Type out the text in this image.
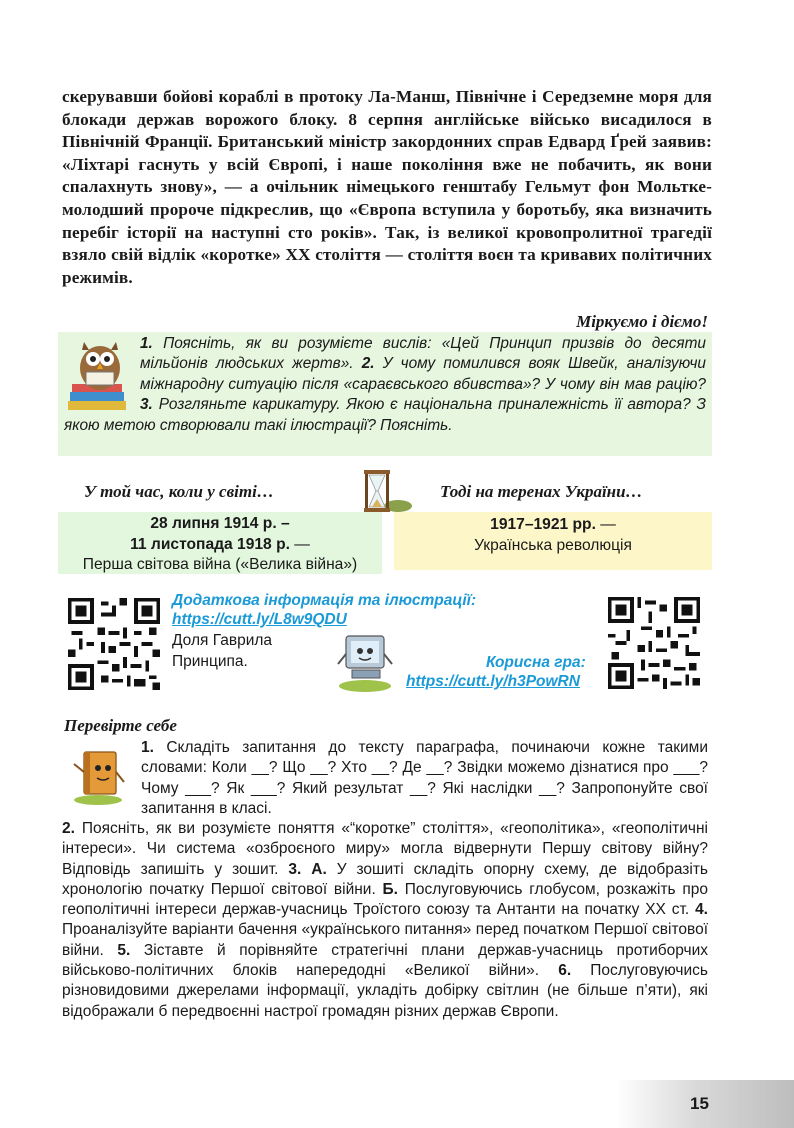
скерувавши бойові кораблі в протоку Ла-Манш, Північне і Середземне моря для блокади держав ворожого блоку. 8 серпня англійське військо висадилося в Північній Франції. Британський міністр закордонних справ Едвард Ґрей заявив: «Ліхтарі гаснуть у всій Європі, і наше покоління вже не побачить, як вони спалахнуть знову», — а очільник німецького генштабу Гельмут фон Мольтке-молодший пророче підкреслив, що «Європа вступила у боротьбу, яка визначить перебіг історії на наступні сто років». Так, із великої кровопролитної трагедії взяло свій відлік «коротке» XX століття — століття воєн та кривавих політичних режимів.
Міркуємо і діємо!
1. Поясніть, як ви розумієте вислів: «Цей Принцип призвів до десяти мільйонів людських жертв». 2. У чому помилився вояк Швейк, аналізуючи міжнародну ситуацію після «сараєвського вбивства»? У чому він мав рацію? 3. Розгляньте карикатуру. Якою є національна приналежність її автора? З якою метою створювали такі ілюстрації? Поясніть.
У той час, коли у світі…	Тоді на теренах України…
28 липня 1914 р. –
11 листопада 1918 р. —
Перша світова війна («Велика війна»)
1917–1921 рр. —
Українська революція
Додаткова інформація та ілюстрації:
https://cutt.ly/L8w9QDU
Доля Гаврила
Принципа.	Корисна гра:
https://cutt.ly/h3PowRN
Перевірте себе
1. Складіть запитання до тексту параграфа, починаючи кожне такими словами: Коли __? Що __? Хто __? Де __? Звідки можемо дізнатися про ___? Чому ___? Як ___? Який результат __? Які наслідки __? Запропонуйте свої запитання в класі.
2. Поясніть, як ви розумієте поняття «“коротке” століття», «геополітика», «геополітичні інтереси». Чи система «озброєного миру» могла відвернути Першу світову війну? Відповідь запишіть у зошит. 3. А. У зошиті складіть опорну схему, де відобразіть хронологію початку Першої світової війни. Б. Послуговуючись глобусом, розкажіть про геополітичні інтереси держав-учасниць Троїстого союзу та Антанти на початку XX ст. 4. Проаналізуйте варіанти бачення «українського питання» перед початком Першої світової війни. 5. Зіставте й порівняйте стратегічні плани держав-учасниць протиборчих військово-політичних блоків напередодні «Великої війни». 6. Послуговуючись різновидовими джерелами інформації, укладіть добірку світлин (не більше п’яти), які відображали б передвоєнні настрої громадян різних держав Європи.
15
